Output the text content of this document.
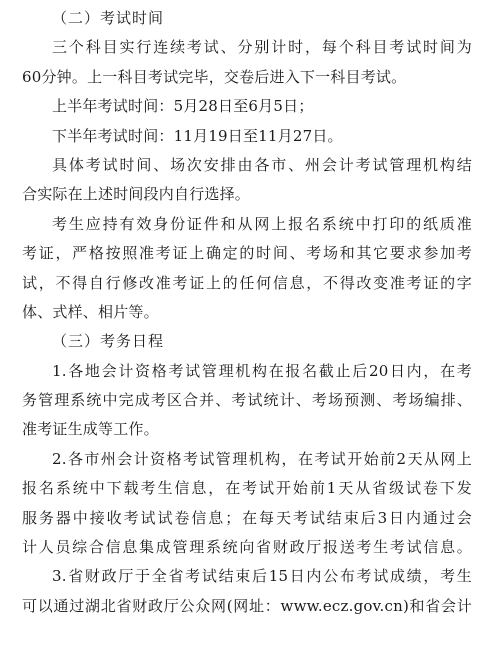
（二）考试时间
三个科目实行连续考试、分别计时，每个科目考试时间为
60分钟。上一科目考试完毕，交卷后进入下一科目考试。
上半年考试时间：5月28日至6月5日；
下半年考试时间：11月19日至11月27日。
具体考试时间、场次安排由各市、州会计考试管理机构结
合实际在上述时间段内自行选择。
考生应持有效身份证件和从网上报名系统中打印的纸质准
考证，严格按照准考证上确定的时间、考场和其它要求参加考
试，不得自行修改准考证上的任何信息，不得改变准考证的字
体、式样、相片等。
（三）考务日程
1.各地会计资格考试管理机构在报名截止后20日内，在考
务管理系统中完成考区合并、考试统计、考场预测、考场编排、
准考证生成等工作。
2.各市州会计资格考试管理机构，在考试开始前2天从网上
报名系统中下载考生信息，在考试开始前1天从省级试卷下发
服务器中接收考试试卷信息；在每天考试结束后3日内通过会
计人员综合信息集成管理系统向省财政厅报送考生考试信息。
3.省财政厅于全省考试结束后15日内公布考试成绩，考生
可以通过湖北省财政厅公众网(网址：www.ecz.gov.cn)和省会计
